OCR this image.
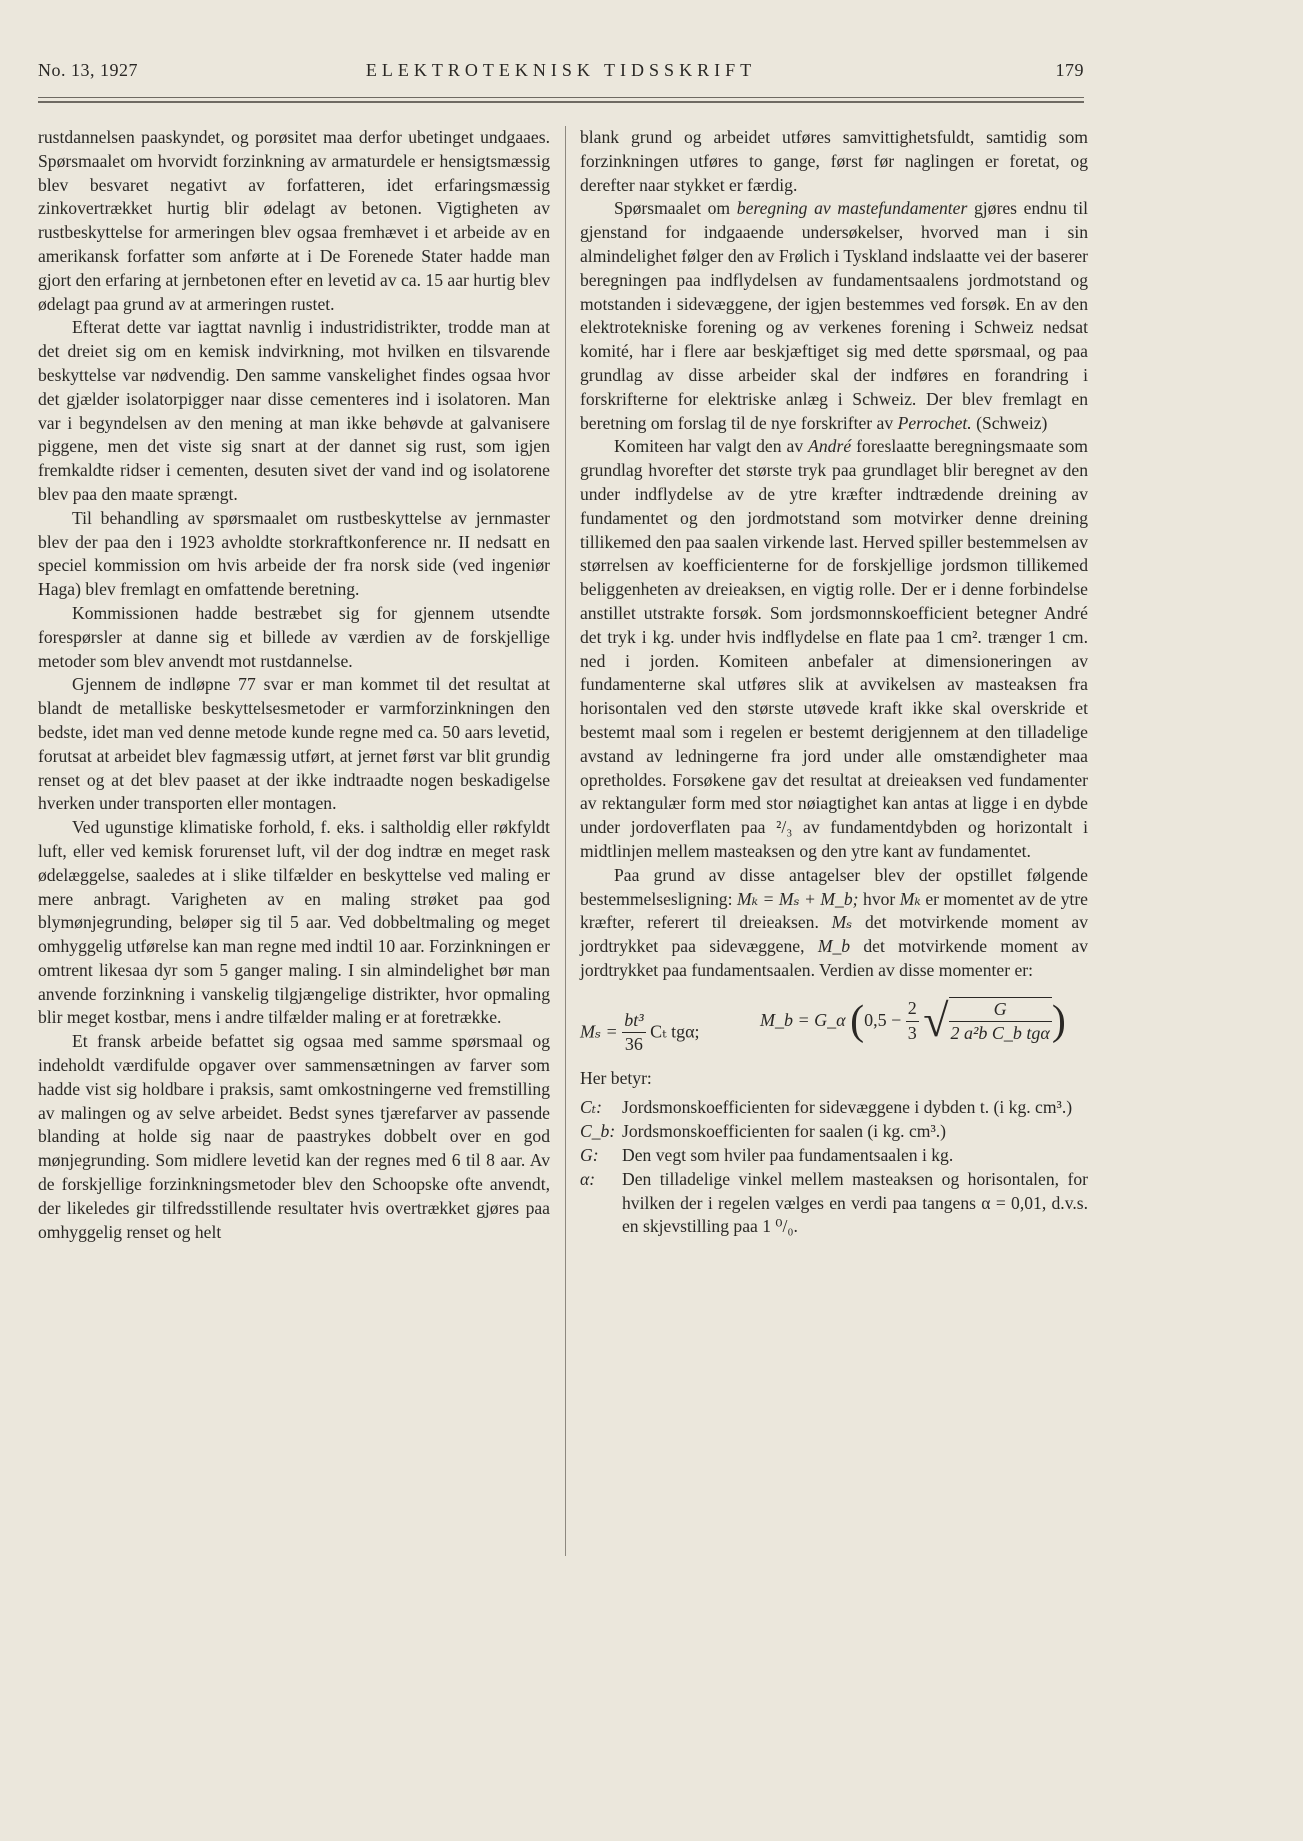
No. 13, 1927	ELEKTROTEKNISK TIDSSKRIFT	179

rustdannelsen paaskyndet, og porøsitet maa derfor ubetinget undgaaes. Spørsmaalet om hvorvidt forzinkning av armaturdele er hensigtsmæssig blev besvaret negativt av forfatteren, idet erfaringsmæssig zinkovertrækket hurtig blir ødelagt av betonen. Vigtigheten av rustbeskyttelse for armeringen blev ogsaa fremhævet i et arbeide av en amerikansk forfatter som anførte at i De Forenede Stater hadde man gjort den erfaring at jernbetonen efter en levetid av ca. 15 aar hurtig blev ødelagt paa grund av at armeringen rustet.

Efterat dette var iagttat navnlig i industridistrikter, trodde man at det dreiet sig om en kemisk indvirkning, mot hvilken en tilsvarende beskyttelse var nødvendig. Den samme vanskelighet findes ogsaa hvor det gjælder isolatorpigger naar disse cementeres ind i isolatoren. Man var i begyndelsen av den mening at man ikke behøvde at galvanisere piggene, men det viste sig snart at der dannet sig rust, som igjen fremkaldte ridser i cementen, desuten sivet der vand ind og isolatorene blev paa den maate sprængt.

Til behandling av spørsmaalet om rustbeskyttelse av jernmaster blev der paa den i 1923 avholdte storkraftkonference nr. II nedsatt en speciel kommission om hvis arbeide der fra norsk side (ved ingeniør Haga) blev fremlagt en omfattende beretning.

Kommissionen hadde bestræbet sig for gjennem utsendte forespørsler at danne sig et billede av værdien av de forskjellige metoder som blev anvendt mot rustdannelse.

Gjennem de indløpne 77 svar er man kommet til det resultat at blandt de metalliske beskyttelsesmetoder er varmforzinkningen den bedste, idet man ved denne metode kunde regne med ca. 50 aars levetid, forutsat at arbeidet blev fagmæssig utført, at jernet først var blit grundig renset og at det blev paaset at der ikke indtraadte nogen beskadigelse hverken under transporten eller montagen.

Ved ugunstige klimatiske forhold, f. eks. i saltholdig eller røkfyldt luft, eller ved kemisk forurenset luft, vil der dog indtræ en meget rask ødelæggelse, saaledes at i slike tilfælder en beskyttelse ved maling er mere anbragt. Varigheten av en maling strøket paa god blymønjegrunding, beløper sig til 5 aar. Ved dobbeltmaling og meget omhyggelig utførelse kan man regne med indtil 10 aar. Forzinkningen er omtrent likesaa dyr som 5 ganger maling. I sin almindelighet bør man anvende forzinkning i vanskelig tilgjængelige distrikter, hvor opmaling blir meget kostbar, mens i andre tilfælder maling er at foretrække.

Et fransk arbeide befattet sig ogsaa med samme spørsmaal og indeholdt værdifulde opgaver over sammensætningen av farver som hadde vist sig holdbare i praksis, samt omkostningerne ved fremstilling av malingen og av selve arbeidet. Bedst synes tjærefarver av passende blanding at holde sig naar de paastrykes dobbelt over en god mønjegrunding. Som midlere levetid kan der regnes med 6 til 8 aar. Av de forskjellige forzinkningsmetoder blev den Schoopske ofte anvendt, der likeledes gir tilfredsstillende resultater hvis overtrækket gjøres paa omhyggelig renset og helt

blank grund og arbeidet utføres samvittighetsfuldt, samtidig som forzinkningen utføres to gange, først før naglingen er foretat, og derefter naar stykket er færdig.

Spørsmaalet om beregning av mastefundamenter gjøres endnu til gjenstand for indgaaende undersøkelser, hvorved man i sin almindelighet følger den av Frølich i Tyskland indslaatte vei der baserer beregningen paa indflydelsen av fundamentsaalens jordmotstand og motstanden i sidevæggene, der igjen bestemmes ved forsøk. En av den elektrotekniske forening og av verkenes forening i Schweiz nedsat komité, har i flere aar beskjæftiget sig med dette spørsmaal, og paa grundlag av disse arbeider skal der indføres en forandring i forskrifterne for elektriske anlæg i Schweiz. Der blev fremlagt en beretning om forslag til de nye forskrifter av Perrochet. (Schweiz)

Komiteen har valgt den av André foreslaatte beregningsmaate som grundlag hvorefter det største tryk paa grundlaget blir beregnet av den under indflydelse av de ytre kræfter indtrædende dreining av fundamentet og den jordmotstand som motvirker denne dreining tillikemed den paa saalen virkende last. Herved spiller bestemmelsen av størrelsen av koefficienterne for de forskjellige jordsmon tillikemed beliggenheten av dreieaksen, en vigtig rolle. Der er i denne forbindelse anstillet utstrakte forsøk. Som jordsmonnskoefficient betegner André det tryk i kg. under hvis indflydelse en flate paa 1 cm². trænger 1 cm. ned i jorden. Komiteen anbefaler at dimensioneringen av fundamenterne skal utføres slik at avvikelsen av masteaksen fra horisontalen ved den største utøvede kraft ikke skal overskride et bestemt maal som i regelen er bestemt derigjennem at den tilladelige avstand av ledningerne fra jord under alle omstændigheter maa opretholdes. Forsøkene gav det resultat at dreieaksen ved fundamenter av rektangulær form med stor nøiagtighet kan antas at ligge i en dybde under jordoverflaten paa ²/₃ av fundamentdybden og horizontalt i midtlinjen mellem masteaksen og den ytre kant av fundamentet.

Paa grund av disse antagelser blev der opstillet følgende bestemmelsesligning: Mₖ = Mₛ + M_b; hvor Mₖ er momentet av de ytre kræfter, referert til dreieaksen. Mₛ det motvirkende moment av jordtrykket paa sidevæggene, M_b det motvirkende moment av jordtrykket paa fundamentsaalen. Verdien av disse momenter er:

$M_s = \frac{\text{bt³}}{36}$ Cₜ tgα;
M_b = G_α ($0,5 - \frac{2}{3}$ √ $\frac{G}{\text{2 a²b C\_b tgα}}$ )

Her betyr:

Cₜ:	Jordsmonskoefficienten for sidevæggene i dybden t. (i kg. cm³.)
C_b: Jordsmonskoefficienten for saalen (i kg. cm³.)
G:	Den vegt som hviler paa fundamentsaalen i kg.
α:	Den tilladelige vinkel mellem masteaksen og horisontalen, for hvilken der i regelen vælges en verdi paa tangens α = 0,01, d.v.s. en skjevstilling paa 1 ⁰/₀.
